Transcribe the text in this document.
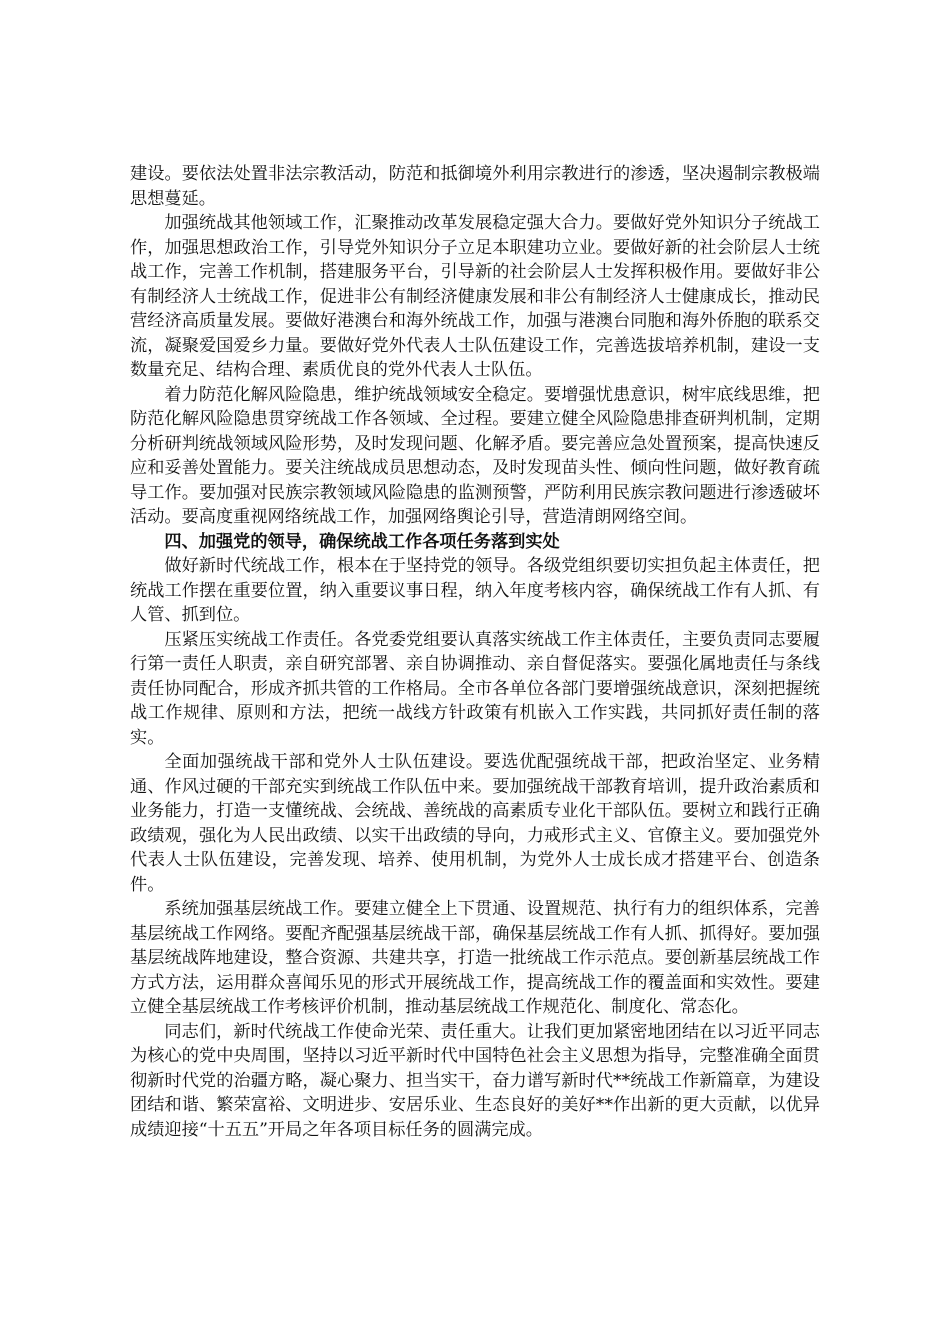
建设。要依法处置非法宗教活动，防范和抵御境外利用宗教进行的渗透，坚决遏制宗教极端思想蔓延。

加强统战其他领域工作，汇聚推动改革发展稳定强大合力。要做好党外知识分子统战工作，加强思想政治工作，引导党外知识分子立足本职建功立业。要做好新的社会阶层人士统战工作，完善工作机制，搭建服务平台，引导新的社会阶层人士发挥积极作用。要做好非公有制经济人士统战工作，促进非公有制经济健康发展和非公有制经济人士健康成长，推动民营经济高质量发展。要做好港澳台和海外统战工作，加强与港澳台同胞和海外侨胞的联系交流，凝聚爱国爱乡力量。要做好党外代表人士队伍建设工作，完善选拔培养机制，建设一支数量充足、结构合理、素质优良的党外代表人士队伍。

着力防范化解风险隐患，维护统战领域安全稳定。要增强忧患意识，树牢底线思维，把防范化解风险隐患贯穿统战工作各领域、全过程。要建立健全风险隐患排查研判机制，定期分析研判统战领域风险形势，及时发现问题、化解矛盾。要完善应急处置预案，提高快速反应和妥善处置能力。要关注统战成员思想动态，及时发现苗头性、倾向性问题，做好教育疏导工作。要加强对民族宗教领域风险隐患的监测预警，严防利用民族宗教问题进行渗透破坏活动。要高度重视网络统战工作，加强网络舆论引导，营造清朗网络空间。

四、加强党的领导，确保统战工作各项任务落到实处

做好新时代统战工作，根本在于坚持党的领导。各级党组织要切实担负起主体责任，把统战工作摆在重要位置，纳入重要议事日程，纳入年度考核内容，确保统战工作有人抓、有人管、抓到位。

压紧压实统战工作责任。各党委党组要认真落实统战工作主体责任，主要负责同志要履行第一责任人职责，亲自研究部署、亲自协调推动、亲自督促落实。要强化属地责任与条线责任协同配合，形成齐抓共管的工作格局。全市各单位各部门要增强统战意识，深刻把握统战工作规律、原则和方法，把统一战线方针政策有机嵌入工作实践，共同抓好责任制的落实。

全面加强统战干部和党外人士队伍建设。要选优配强统战干部，把政治坚定、业务精通、作风过硬的干部充实到统战工作队伍中来。要加强统战干部教育培训，提升政治素质和业务能力，打造一支懂统战、会统战、善统战的高素质专业化干部队伍。要树立和践行正确政绩观，强化为人民出政绩、以实干出政绩的导向，力戒形式主义、官僚主义。要加强党外代表人士队伍建设，完善发现、培养、使用机制，为党外人士成长成才搭建平台、创造条件。

系统加强基层统战工作。要建立健全上下贯通、设置规范、执行有力的组织体系，完善基层统战工作网络。要配齐配强基层统战干部，确保基层统战工作有人抓、抓得好。要加强基层统战阵地建设，整合资源、共建共享，打造一批统战工作示范点。要创新基层统战工作方式方法，运用群众喜闻乐见的形式开展统战工作，提高统战工作的覆盖面和实效性。要建立健全基层统战工作考核评价机制，推动基层统战工作规范化、制度化、常态化。

同志们，新时代统战工作使命光荣、责任重大。让我们更加紧密地团结在以习近平同志为核心的党中央周围，坚持以习近平新时代中国特色社会主义思想为指导，完整准确全面贯彻新时代党的治疆方略，凝心聚力、担当实干，奋力谱写新时代**统战工作新篇章，为建设团结和谐、繁荣富裕、文明进步、安居乐业、生态良好的美好**作出新的更大贡献，以优异成绩迎接“十五五”开局之年各项目标任务的圆满完成。
